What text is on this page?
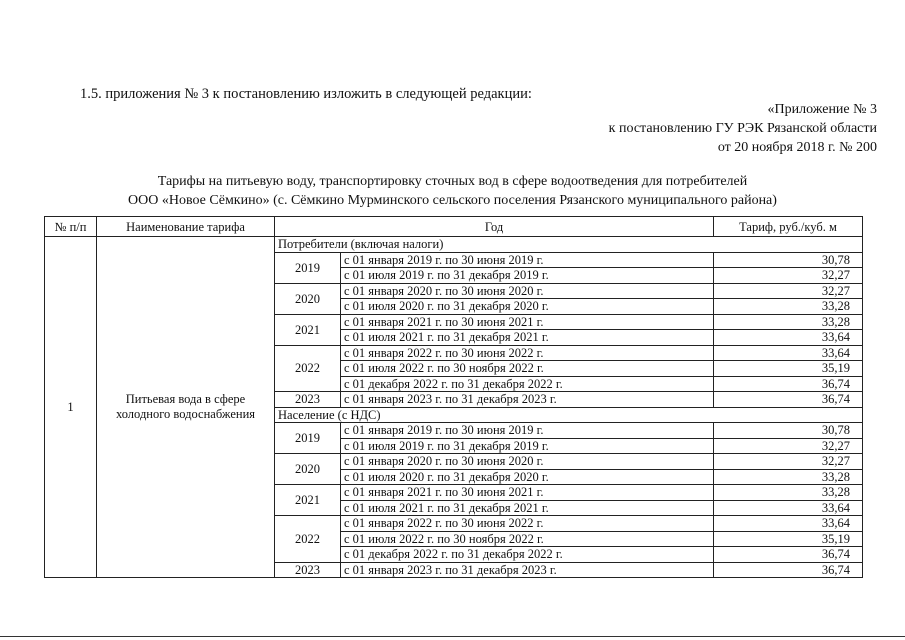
1.5. приложения № 3 к постановлению изложить в следующей редакции:
«Приложение № 3
к постановлению ГУ РЭК Рязанской области
от 20 ноября 2018 г. № 200
Тарифы на питьевую воду, транспортировку сточных вод в сфере водоотведения для потребителей
ООО «Новое Сёмкино» (с. Сёмкино Мурминского сельского поселения Рязанского муниципального района)
№ п/п	Наименование тарифа	Год		Тариф, руб./куб. м
1	Питьевая вода в сфере холодного водоснабжения	Потребители (включая налоги)		
		2019	с 01 января 2019 г. по 30 июня 2019 г.	30,78
			с 01 июля 2019 г. по 31 декабря 2019 г.	32,27
		2020	с 01 января 2020 г. по 30 июня 2020 г.	32,27
			с 01 июля 2020 г. по 31 декабря 2020 г.	33,28
		2021	с 01 января 2021 г. по 30 июня 2021 г.	33,28
			с 01 июля 2021 г. по 31 декабря 2021 г.	33,64
		2022	с 01 января 2022 г. по 30 июня 2022 г.	33,64
			с 01 июля 2022 г. по 30 ноября 2022 г.	35,19
			с 01 декабря 2022 г. по 31 декабря 2022 г.	36,74
		2023	с 01 января 2023 г. по 31 декабря 2023 г.	36,74
		Население (с НДС)		
		2019	с 01 января 2019 г. по 30 июня 2019 г.	30,78
			с 01 июля 2019 г. по 31 декабря 2019 г.	32,27
		2020	с 01 января 2020 г. по 30 июня 2020 г.	32,27
			с 01 июля 2020 г. по 31 декабря 2020 г.	33,28
		2021	с 01 января 2021 г. по 30 июня 2021 г.	33,28
			с 01 июля 2021 г. по 31 декабря 2021 г.	33,64
		2022	с 01 января 2022 г. по 30 июня 2022 г.	33,64
			с 01 июля 2022 г. по 30 ноября 2022 г.	35,19
			с 01 декабря 2022 г. по 31 декабря 2022 г.	36,74
		2023	с 01 января 2023 г. по 31 декабря 2023 г.	36,74
